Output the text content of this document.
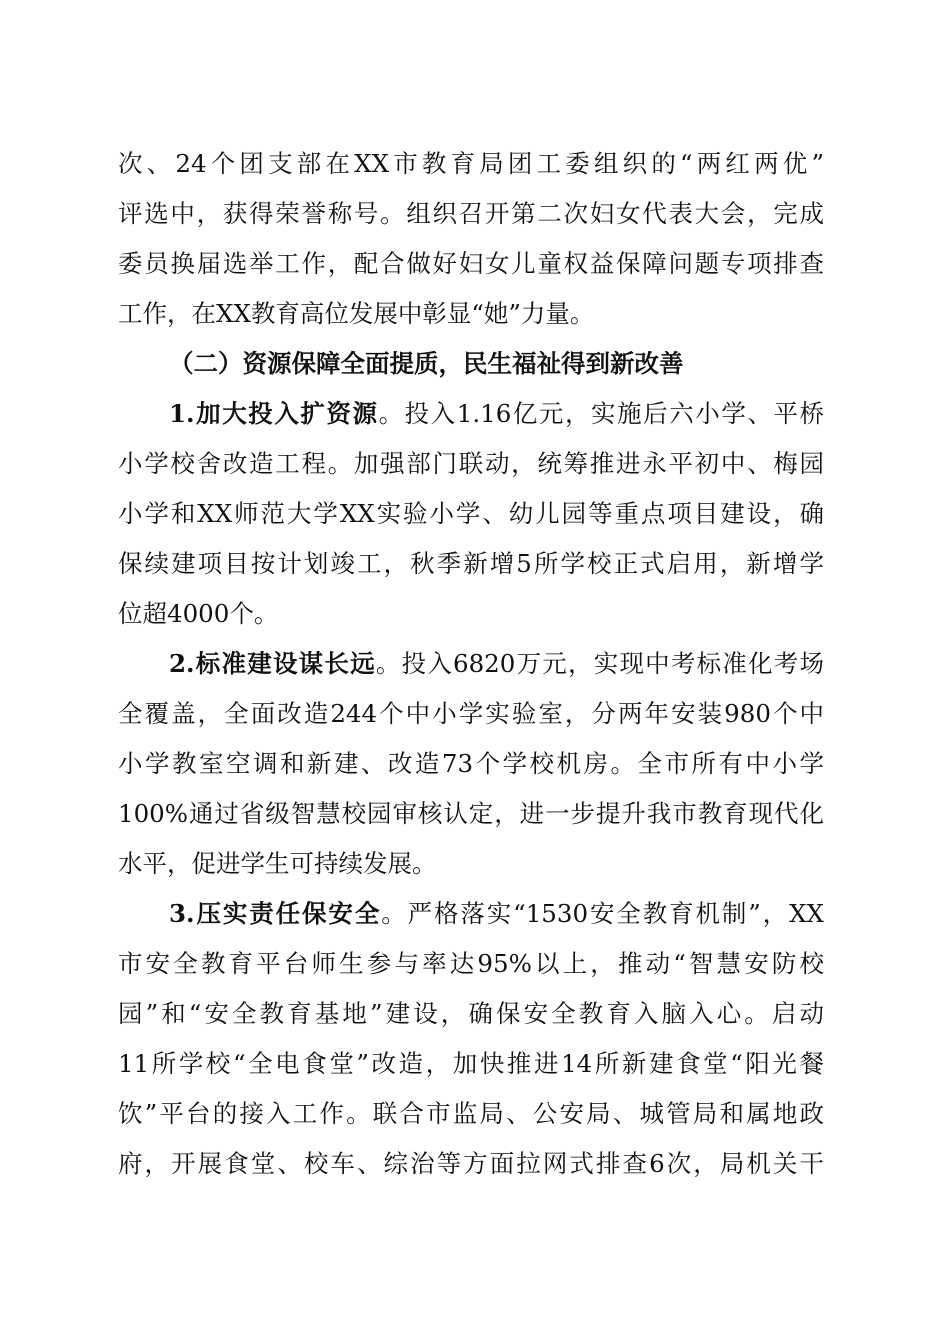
次、24个团支部在XX市教育局团工委组织的“两红两优”
评选中，获得荣誉称号。组织召开第二次妇女代表大会，完成
委员换届选举工作，配合做好妇女儿童权益保障问题专项排查
工作，在XX教育高位发展中彰显“她”力量。
（二）资源保障全面提质，民生福祉得到新改善
1.加大投入扩资源。投入1.16亿元，实施后六小学、平桥
小学校舍改造工程。加强部门联动，统筹推进永平初中、梅园
小学和XX师范大学XX实验小学、幼儿园等重点项目建设，确
保续建项目按计划竣工，秋季新增5所学校正式启用，新增学
位超4000个。
2.标准建设谋长远。投入6820万元，实现中考标准化考场
全覆盖，全面改造244个中小学实验室，分两年安装980个中
小学教室空调和新建、改造73个学校机房。全市所有中小学
100%通过省级智慧校园审核认定，进一步提升我市教育现代化
水平，促进学生可持续发展。
3.压实责任保安全。严格落实“1530安全教育机制”，XX
市安全教育平台师生参与率达95%以上，推动“智慧安防校
园”和“安全教育基地”建设，确保安全教育入脑入心。启动
11所学校“全电食堂”改造，加快推进14所新建食堂“阳光餐
饮”平台的接入工作。联合市监局、公安局、城管局和属地政
府，开展食堂、校车、综治等方面拉网式排查6次，局机关干
